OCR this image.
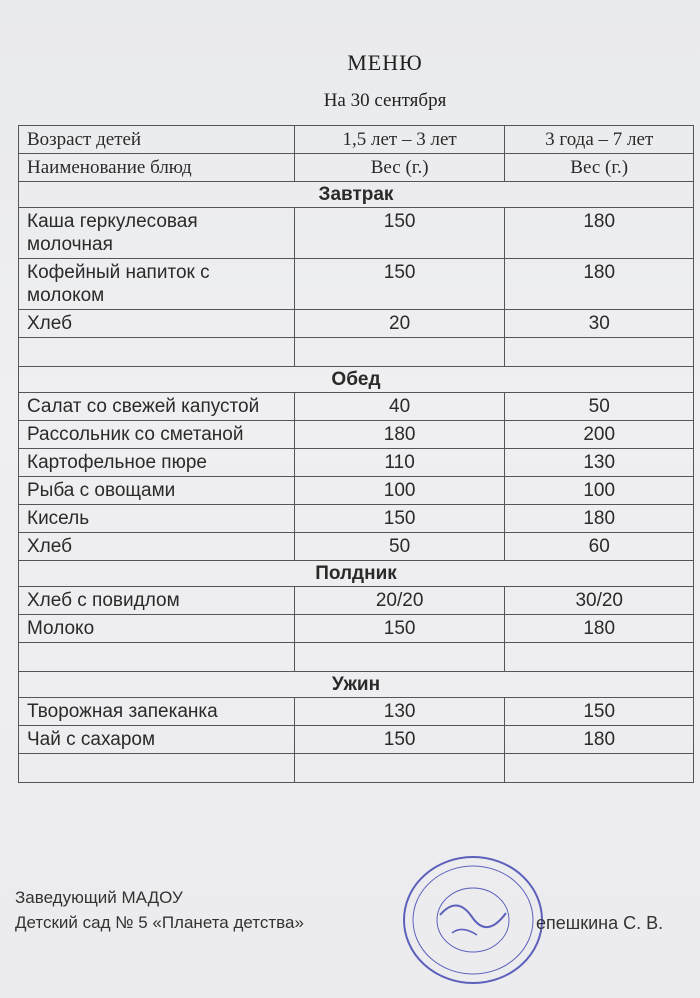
МЕНЮ
На 30 сентября
Возраст детей	1,5 лет – 3 лет	3 года – 7 лет
Наименование блюд	Вес (г.)	Вес (г.)
Завтрак		
Каша геркулесовая молочная	150	180
Кофейный напиток с молоком	150	180
Хлеб	20	30

Обед		
Салат со свежей капустой	40	50
Рассольник со сметаной	180	200
Картофельное пюре	110	130
Рыба с овощами	100	100
Кисель	150	180
Хлеб	50	60
Полдник		
Хлеб с повидлом	20/20	30/20
Молоко	150	180

Ужин		
Творожная запеканка	130	150
Чай с сахаром	150	180

Заведующий МАДОУ
Детский сад № 5 «Планета детства»	епешкина С. В.
